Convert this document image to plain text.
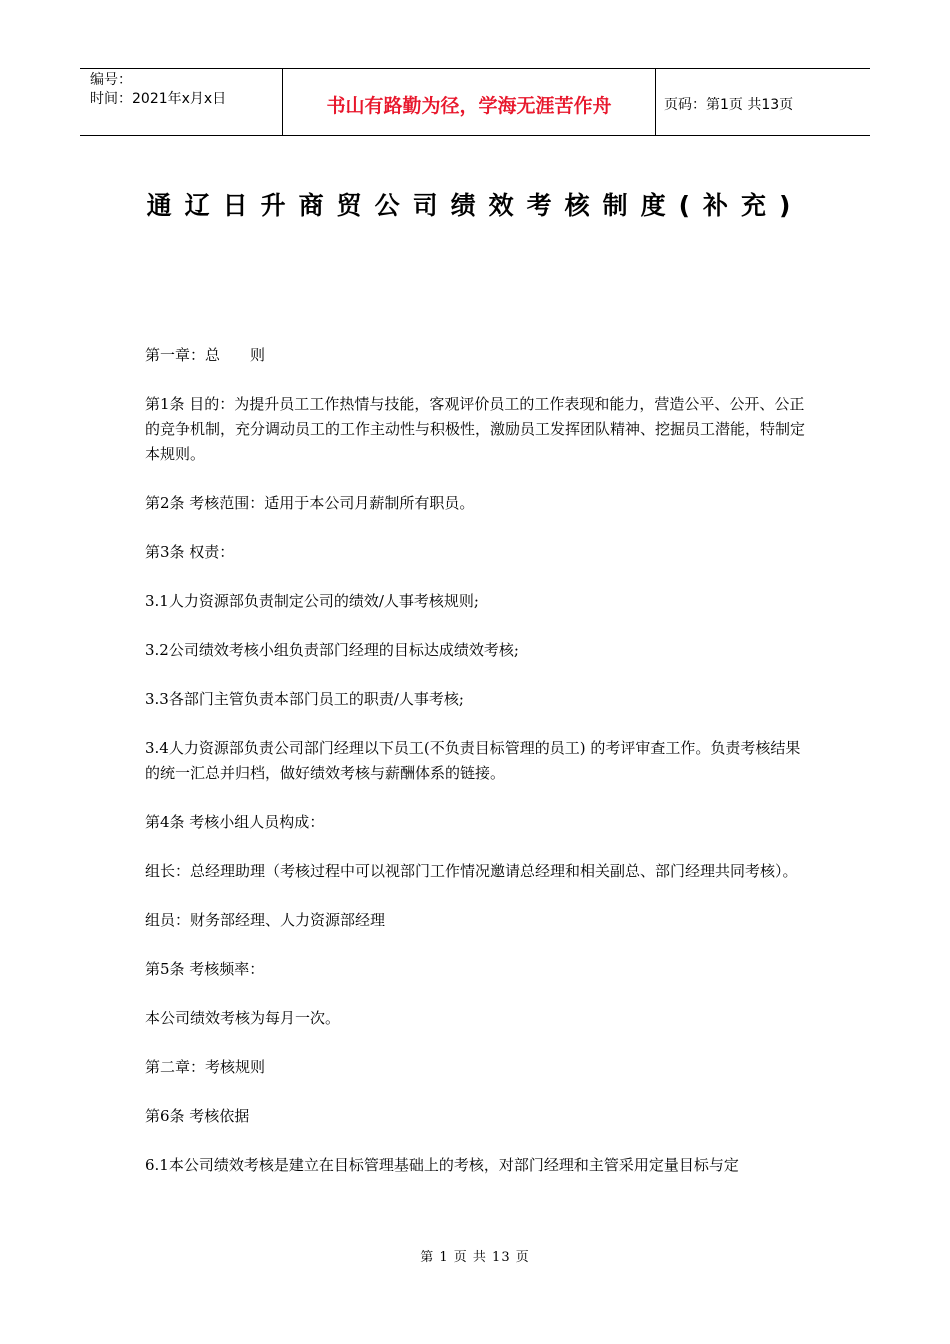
编号：
时间：2021年x月x日	书山有路勤为径，学海无涯苦作舟	页码：第1页 共13页
通辽日升商贸公司绩效考核制度(补充)

第一章：总　　则

第1条 目的：为提升员工工作热情与技能，客观评价员工的工作表现和能力，营造公平、公开、公正的竞争机制，充分调动员工的工作主动性与积极性，激励员工发挥团队精神、挖掘员工潜能，特制定本规则。

第2条 考核范围：适用于本公司月薪制所有职员。

第3条 权责：

3.1人力资源部负责制定公司的绩效/人事考核规则;

3.2公司绩效考核小组负责部门经理的目标达成绩效考核;

3.3各部门主管负责本部门员工的职责/人事考核;

3.4人力资源部负责公司部门经理以下员工(不负责目标管理的员工) 的考评审查工作。负责考核结果的统一汇总并归档，做好绩效考核与薪酬体系的链接。

第4条 考核小组人员构成：

组长：总经理助理（考核过程中可以视部门工作情况邀请总经理和相关副总、部门经理共同考核）。

组员：财务部经理、人力资源部经理

第5条 考核频率：

本公司绩效考核为每月一次。

第二章：考核规则

第6条 考核依据

6.1本公司绩效考核是建立在目标管理基础上的考核，对部门经理和主管采用定量目标与定

第 1 页 共 13 页
